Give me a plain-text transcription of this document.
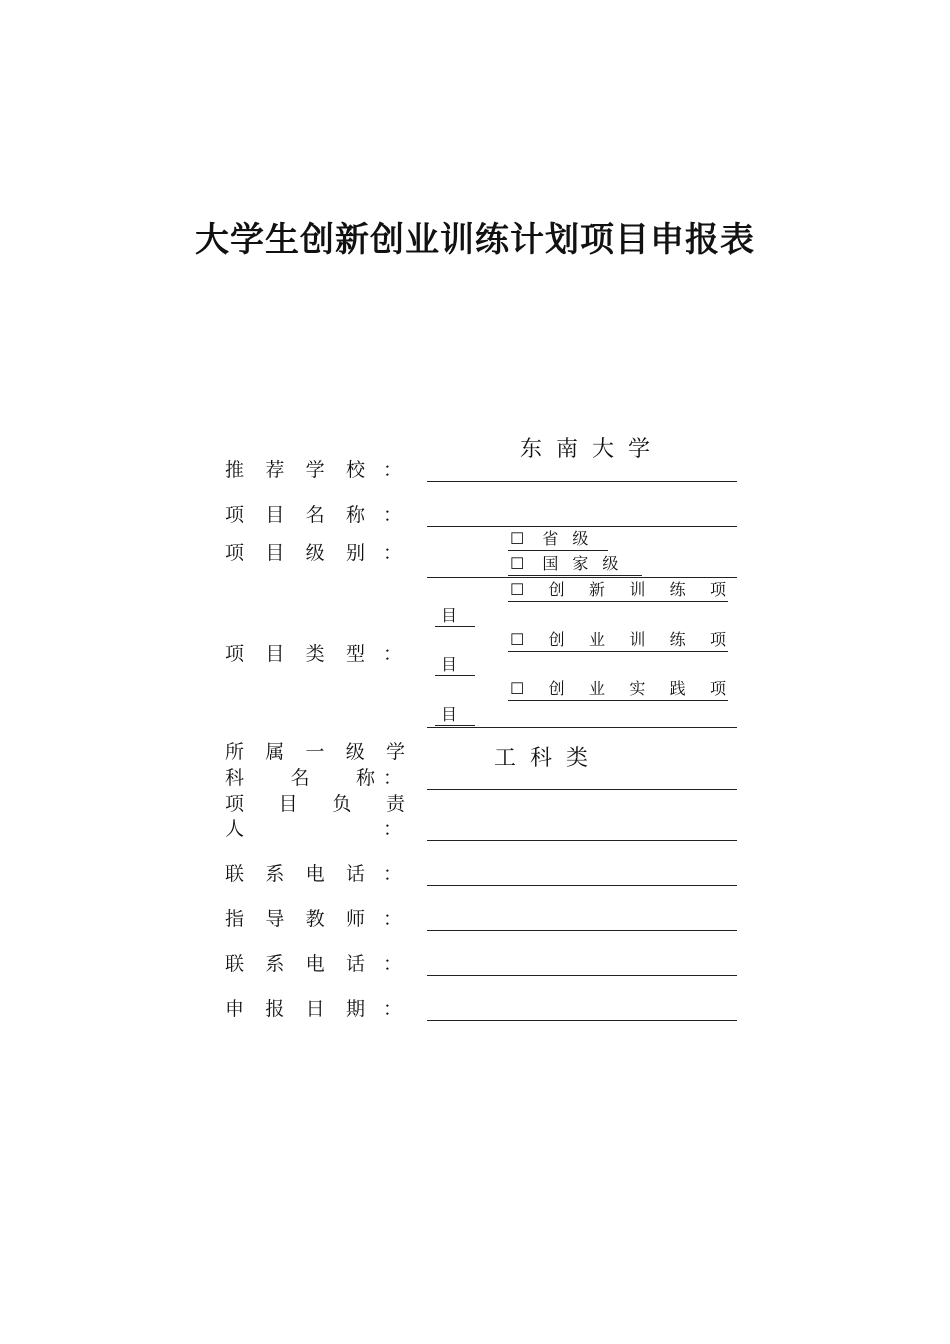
大学生创新创业训练计划项目申报表
东南大学
推 荐 学 校 ：
项 目 名 称 ：
项 目 级 别 ：
☐ 省 级
☐ 国 家 级
项 目 类 型 ：
☐ 创 新 训 练 项
目
☐ 创 业 训 练 项
目
☐ 创 业 实 践 项
目
所 属 一 级 学
科 名 称 ：
工科类
项 目 负 责
人	：
联 系 电 话 ：
指 导 教 师 ：
联 系 电 话 ：
申 报 日 期 ：
